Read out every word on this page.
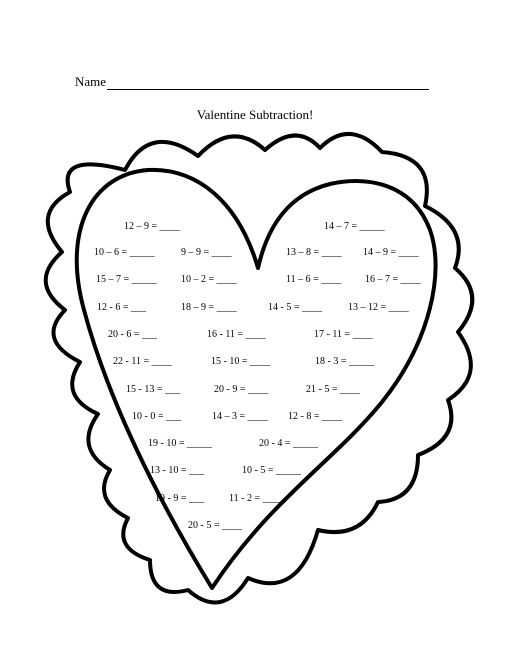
Name
Valentine Subtraction!
12 – 9 = ____	14 – 7 = _____
10 – 6 = _____	9 – 9 = ____	13 – 8 = ____ 14 – 9 = ____
15 – 7 = _____ 10 – 2 = ____	11 – 6 = ____ 16 – 7 = ____
12 - 6 = ___	18 – 9 = ____	14 - 5 = ____	13 – 12 = ____
20 - 6 = ___	16 - 11 = ____	17 - 11 = ____
22 - 11 = ____	15 - 10 = ____	18 - 3 = _____
15 - 13 = ___	20 - 9 = ____	21 - 5 = ____
10 - 0 = ___	14 – 3 = ____ 12 - 8 = ____
19 - 10 = _____	20 - 4 = _____
13 - 10 = ___	10 - 5 = _____
19 - 9 = ___	11 - 2 = ____
20 - 5 = ____
